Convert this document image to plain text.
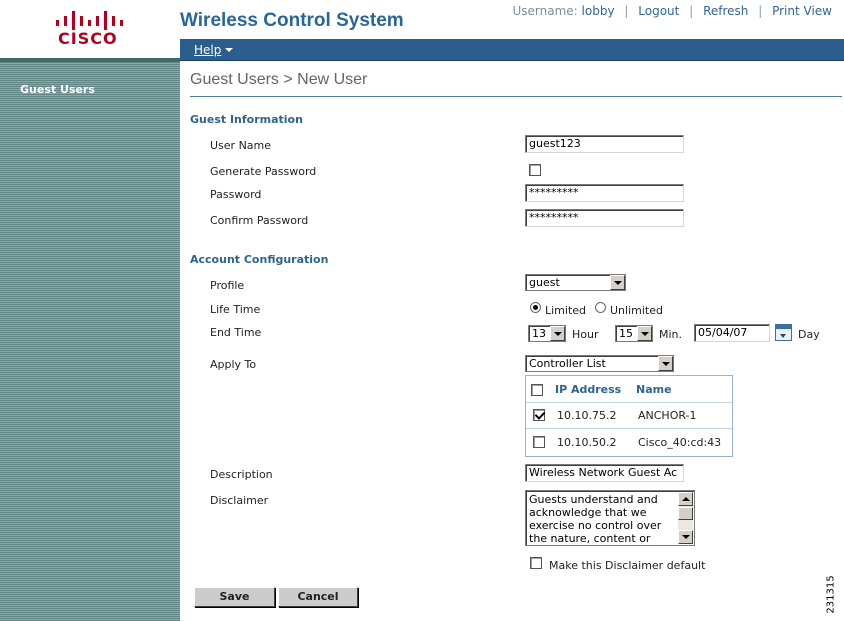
CISCO
Wireless Control System	Username: lobby | Logout | Refresh | Print View
Help
Guest Users
Guest Users > New User
Guest Information
User Name	guest123
Generate Password
Password	*********
Confirm Password	*********
Account Configuration
Profile	guest
Life Time	Limited Unlimited
End Time	13	Hour	15	Min.	05/04/07	Day
Apply To	Controller List
IP Address Name
10.10.75.2 ANCHOR-1
10.10.50.2 Cisco_40:cd:43
Description	Wireless Network Guest Ac
Disclaimer	Guests understand and
acknowledge that we
exercise no control over
the nature, content or
Make this Disclaimer default
Save	Cancel	231315
